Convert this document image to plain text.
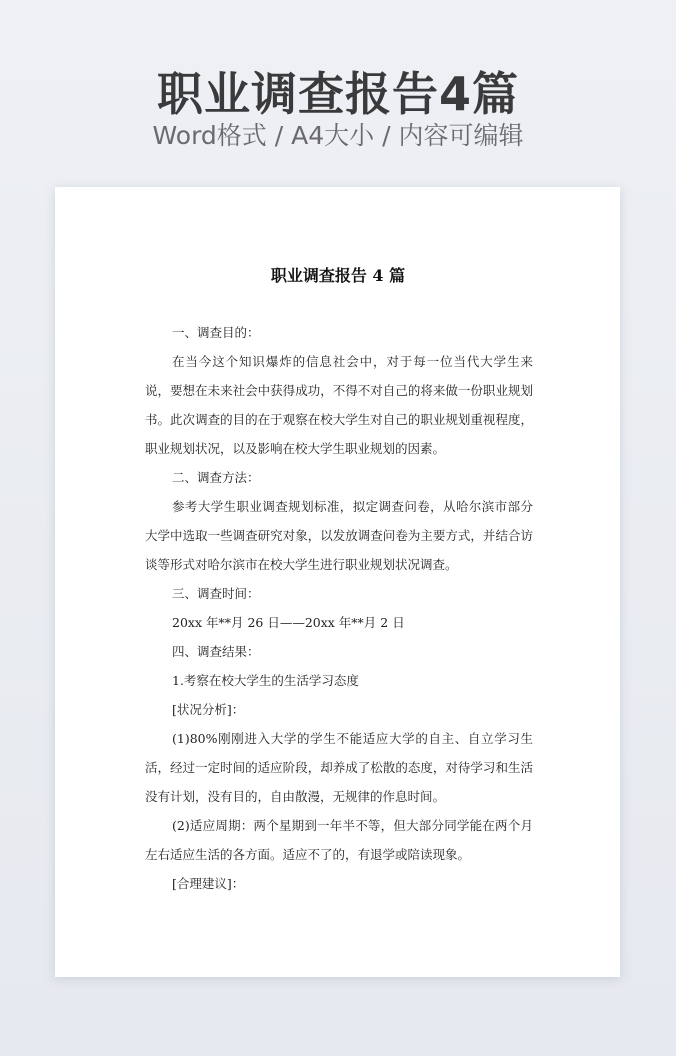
职业调查报告4篇
Word格式 / A4大小 / 内容可编辑
职业调查报告 4 篇

一、调查目的：

在当今这个知识爆炸的信息社会中，对于每一位当代大学生来说，要想在未来社会中获得成功，不得不对自己的将来做一份职业规划书。此次调查的目的在于观察在校大学生对自己的职业规划重视程度，职业规划状况，以及影响在校大学生职业规划的因素。

二、调查方法：

参考大学生职业调查规划标准，拟定调查问卷，从哈尔滨市部分大学中选取一些调查研究对象，以发放调查问卷为主要方式，并结合访谈等形式对哈尔滨市在校大学生进行职业规划状况调查。

三、调查时间：

20xx 年**月 26 日——20xx 年**月 2 日

四、调查结果：

1.考察在校大学生的生活学习态度

[状况分析]：

(1)80%刚刚进入大学的学生不能适应大学的自主、自立学习生活，经过一定时间的适应阶段，却养成了松散的态度，对待学习和生活没有计划，没有目的，自由散漫，无规律的作息时间。

(2)适应周期：两个星期到一年半不等，但大部分同学能在两个月左右适应生活的各方面。适应不了的，有退学或陪读现象。

[合理建议]：
